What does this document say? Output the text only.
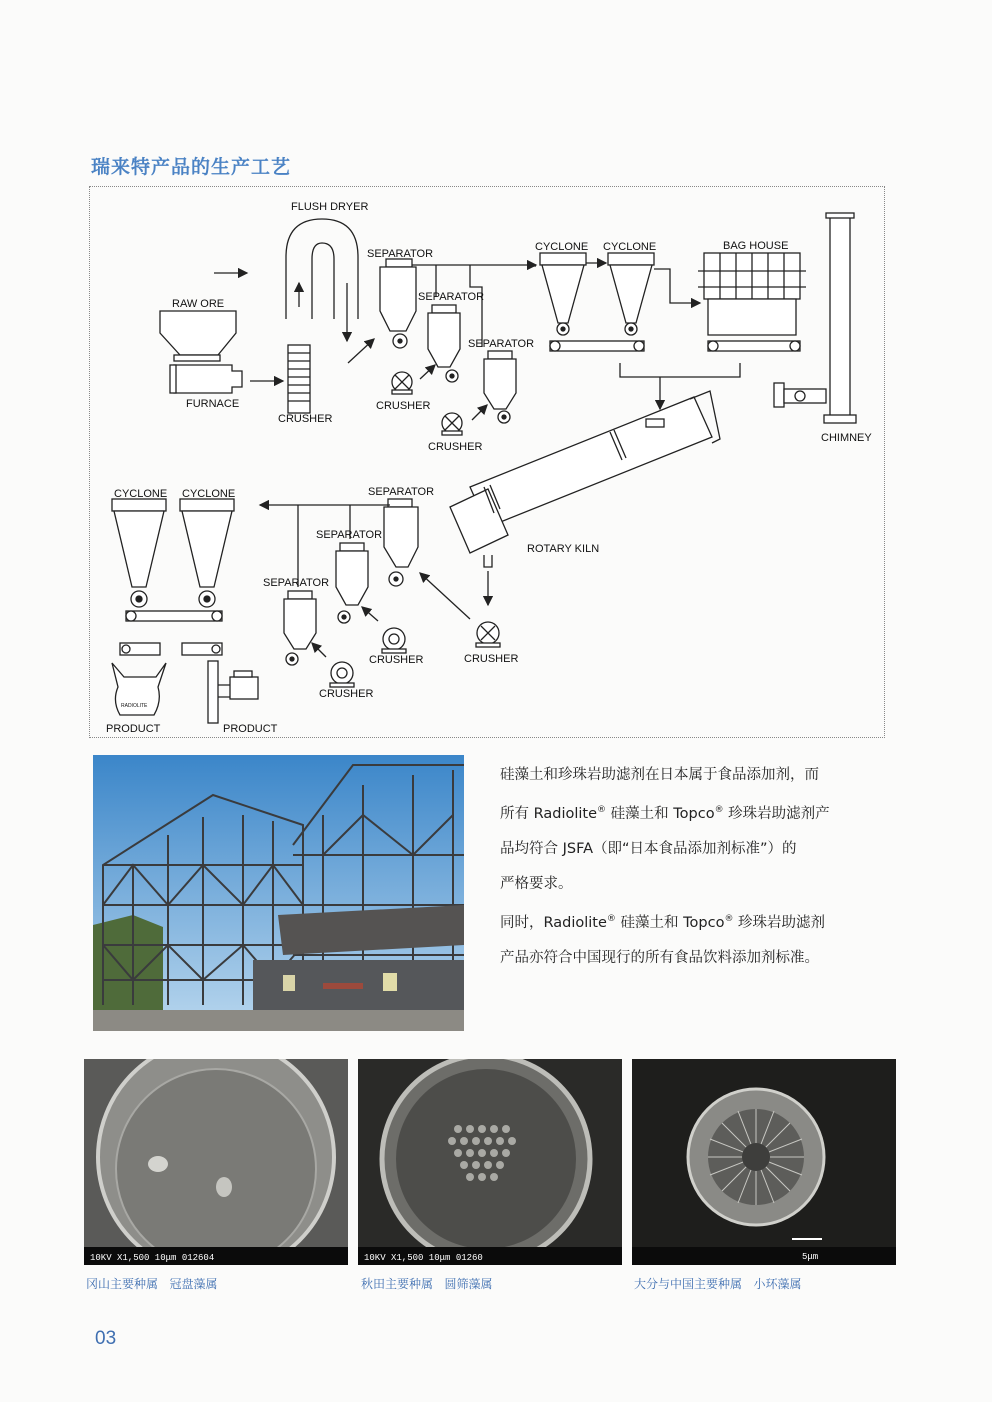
瑞来特产品的生产工艺
FLUSH DRYER
RAW ORE
FURNACE
CRUSHER
SEPARATOR
SEPARATOR
SEPARATOR
CRUSHER
CRUSHER
CYCLONE CYCLONE	BAG HOUSE
CHIMNEY
ROTARY KILN
SEPARATOR
SEPARATOR
SEPARATOR
CYCLONE CYCLONE
CRUSHER
CRUSHER
CRUSHER
PRODUCT	PRODUCT
RADIOLITE

硅藻土和珍珠岩助滤剂在日本属于食品添加剂，而

所有 Radiolite® 硅藻土和 Topco® 珍珠岩助滤剂产

品均符合 JSFA（即“日本食品添加剂标准”）的

严格要求。

同时，Radiolite® 硅藻土和 Topco® 珍珠岩助滤剂

产品亦符合中国现行的所有食品饮料添加剂标准。

10KV X1,500 10μm 012604	10KV X1,500 10μm 01260	5μm
冈山主要种属   冠盘藻属	秋田主要种属   圆筛藻属	大分与中国主要种属   小环藻属
03
